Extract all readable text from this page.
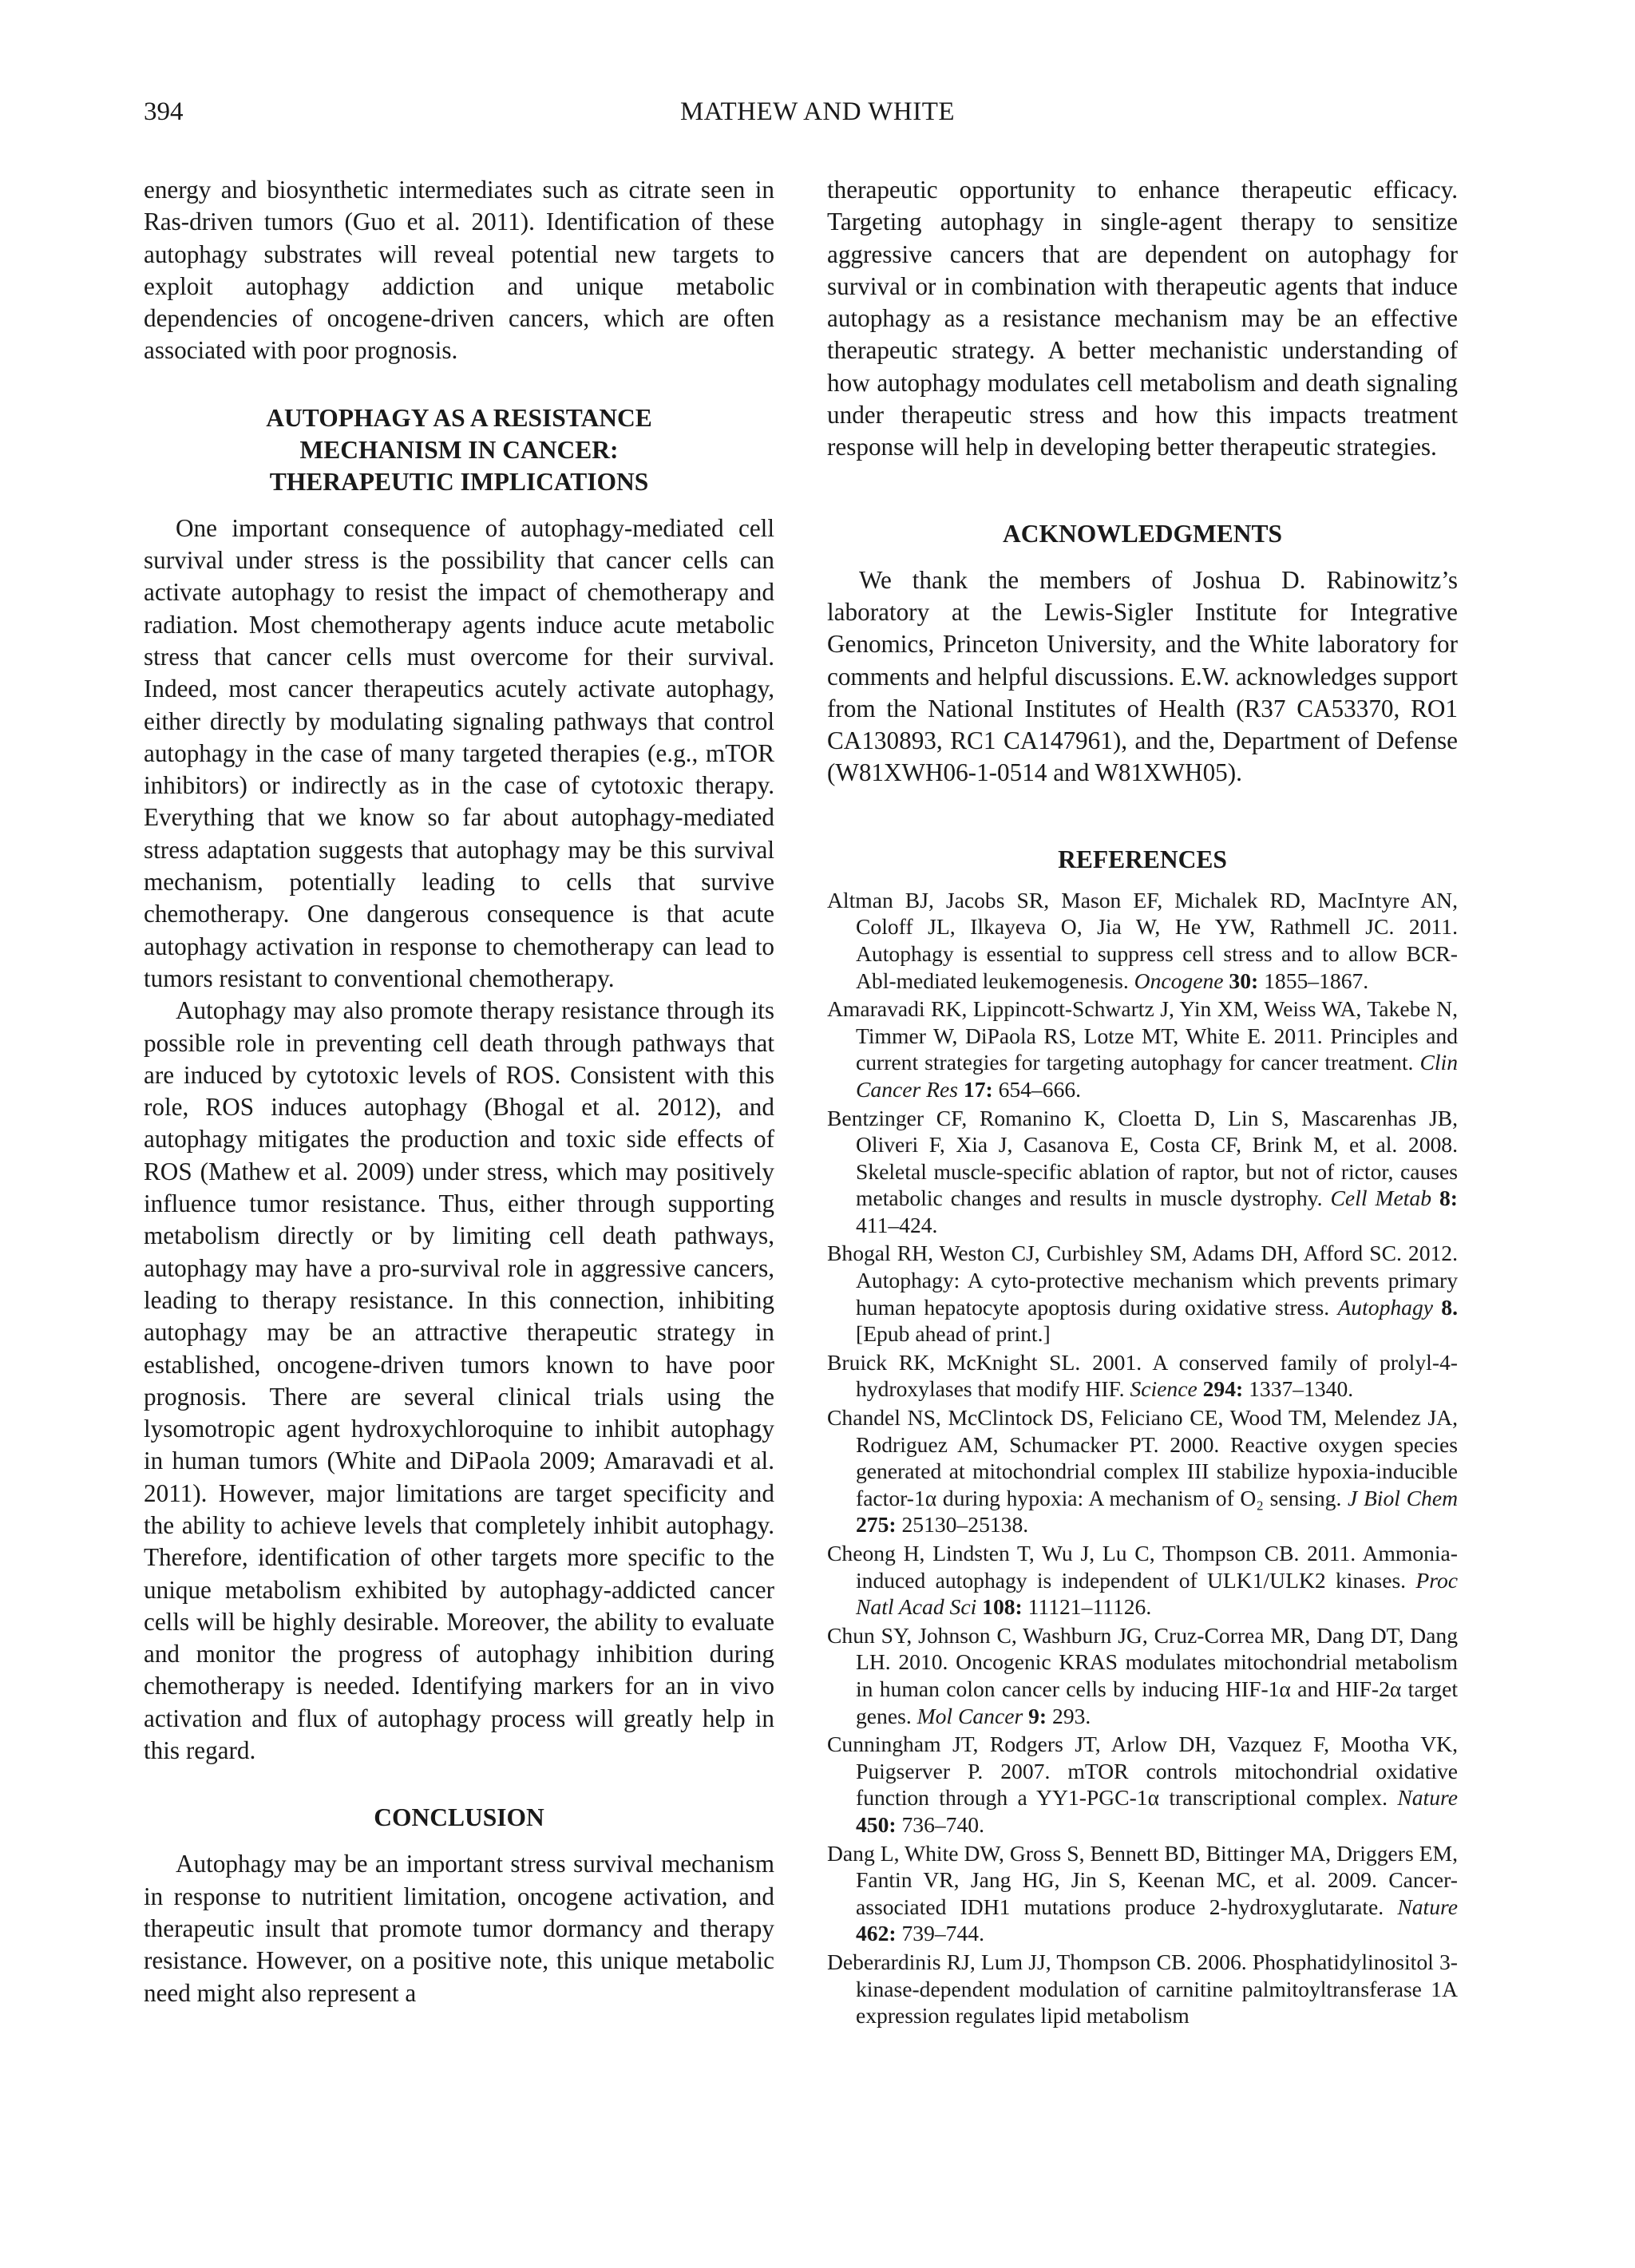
394	MATHEW AND WHITE

energy and biosynthetic intermediates such as citrate seen in Ras-driven tumors (Guo et al. 2011). Identification of these autophagy substrates will reveal potential new targets to exploit autophagy addiction and unique metabolic dependencies of oncogene-driven cancers, which are often associated with poor prognosis.

AUTOPHAGY AS A RESISTANCE

MECHANISM IN CANCER:

THERAPEUTIC IMPLICATIONS

One important consequence of autophagy-mediated cell survival under stress is the possibility that cancer cells can activate autophagy to resist the impact of chemotherapy and radiation. Most chemotherapy agents induce acute metabolic stress that cancer cells must overcome for their survival. Indeed, most cancer therapeutics acutely activate autophagy, either directly by modulating signaling pathways that control autophagy in the case of many targeted therapies (e.g., mTOR inhibitors) or indirectly as in the case of cytotoxic therapy. Everything that we know so far about autophagy-mediated stress adaptation suggests that autophagy may be this survival mechanism, potentially leading to cells that survive chemotherapy. One dangerous consequence is that acute autophagy activation in response to chemotherapy can lead to tumors resistant to conventional chemotherapy.

Autophagy may also promote therapy resistance through its possible role in preventing cell death through pathways that are induced by cytotoxic levels of ROS. Consistent with this role, ROS induces autophagy (Bhogal et al. 2012), and autophagy mitigates the production and toxic side effects of ROS (Mathew et al. 2009) under stress, which may positively influence tumor resistance. Thus, either through supporting metabolism directly or by limiting cell death pathways, autophagy may have a pro-survival role in aggressive cancers, leading to therapy resistance. In this connection, inhibiting autophagy may be an attractive therapeutic strategy in established, oncogene-driven tumors known to have poor prognosis. There are several clinical trials using the lysomotropic agent hydroxychloroquine to inhibit autophagy in human tumors (White and DiPaola 2009; Amaravadi et al. 2011). However, major limitations are target specificity and the ability to achieve levels that completely inhibit autophagy. Therefore, identification of other targets more specific to the unique metabolism exhibited by autophagy-addicted cancer cells will be highly desirable. Moreover, the ability to evaluate and monitor the progress of autophagy inhibition during chemotherapy is needed. Identifying markers for an in vivo activation and flux of autophagy process will greatly help in this regard.

CONCLUSION

Autophagy may be an important stress survival mechanism in response to nutritient limitation, oncogene activation, and therapeutic insult that promote tumor dormancy and therapy resistance. However, on a positive note, this unique metabolic need might also represent a

therapeutic opportunity to enhance therapeutic efficacy. Targeting autophagy in single-agent therapy to sensitize aggressive cancers that are dependent on autophagy for survival or in combination with therapeutic agents that induce autophagy as a resistance mechanism may be an effective therapeutic strategy. A better mechanistic understanding of how autophagy modulates cell metabolism and death signaling under therapeutic stress and how this impacts treatment response will help in developing better therapeutic strategies.

ACKNOWLEDGMENTS

We thank the members of Joshua D. Rabinowitz’s laboratory at the Lewis-Sigler Institute for Integrative Genomics, Princeton University, and the White laboratory for comments and helpful discussions. E.W. acknowledges support from the National Institutes of Health (R37 CA53370, RO1 CA130893, RC1 CA147961), and the, Department of Defense (W81XWH06-1-0514 and W81XWH05).

REFERENCES

Altman BJ, Jacobs SR, Mason EF, Michalek RD, MacIntyre AN, Coloff JL, Ilkayeva O, Jia W, He YW, Rathmell JC. 2011. Autophagy is essential to suppress cell stress and to allow BCR-Abl-mediated leukemogenesis. Oncogene 30: 1855–1867.
Amaravadi RK, Lippincott-Schwartz J, Yin XM, Weiss WA, Takebe N, Timmer W, DiPaola RS, Lotze MT, White E. 2011. Principles and current strategies for targeting autophagy for cancer treatment. Clin Cancer Res 17: 654–666.
Bentzinger CF, Romanino K, Cloetta D, Lin S, Mascarenhas JB, Oliveri F, Xia J, Casanova E, Costa CF, Brink M, et al. 2008. Skeletal muscle-specific ablation of raptor, but not of rictor, causes metabolic changes and results in muscle dystrophy. Cell Metab 8: 411–424.
Bhogal RH, Weston CJ, Curbishley SM, Adams DH, Afford SC. 2012. Autophagy: A cyto-protective mechanism which prevents primary human hepatocyte apoptosis during oxidative stress. Autophagy 8. [Epub ahead of print.]
Bruick RK, McKnight SL. 2001. A conserved family of prolyl-4-hydroxylases that modify HIF. Science 294: 1337–1340.
Chandel NS, McClintock DS, Feliciano CE, Wood TM, Melendez JA, Rodriguez AM, Schumacker PT. 2000. Reactive oxygen species generated at mitochondrial complex III stabilize hypoxia-inducible factor-1α during hypoxia: A mechanism of O₂ sensing. J Biol Chem 275: 25130–25138.
Cheong H, Lindsten T, Wu J, Lu C, Thompson CB. 2011. Ammonia-induced autophagy is independent of ULK1/ULK2 kinases. Proc Natl Acad Sci 108: 11121–11126.
Chun SY, Johnson C, Washburn JG, Cruz-Correa MR, Dang DT, Dang LH. 2010. Oncogenic KRAS modulates mitochondrial metabolism in human colon cancer cells by inducing HIF-1α and HIF-2α target genes. Mol Cancer 9: 293.
Cunningham JT, Rodgers JT, Arlow DH, Vazquez F, Mootha VK, Puigserver P. 2007. mTOR controls mitochondrial oxidative function through a YY1-PGC-1α transcriptional complex. Nature 450: 736–740.
Dang L, White DW, Gross S, Bennett BD, Bittinger MA, Driggers EM, Fantin VR, Jang HG, Jin S, Keenan MC, et al. 2009. Cancer-associated IDH1 mutations produce 2-hydroxyglutarate. Nature 462: 739–744.
Deberardinis RJ, Lum JJ, Thompson CB. 2006. Phosphatidylinositol 3-kinase-dependent modulation of carnitine palmitoyltransferase 1A expression regulates lipid metabolism
